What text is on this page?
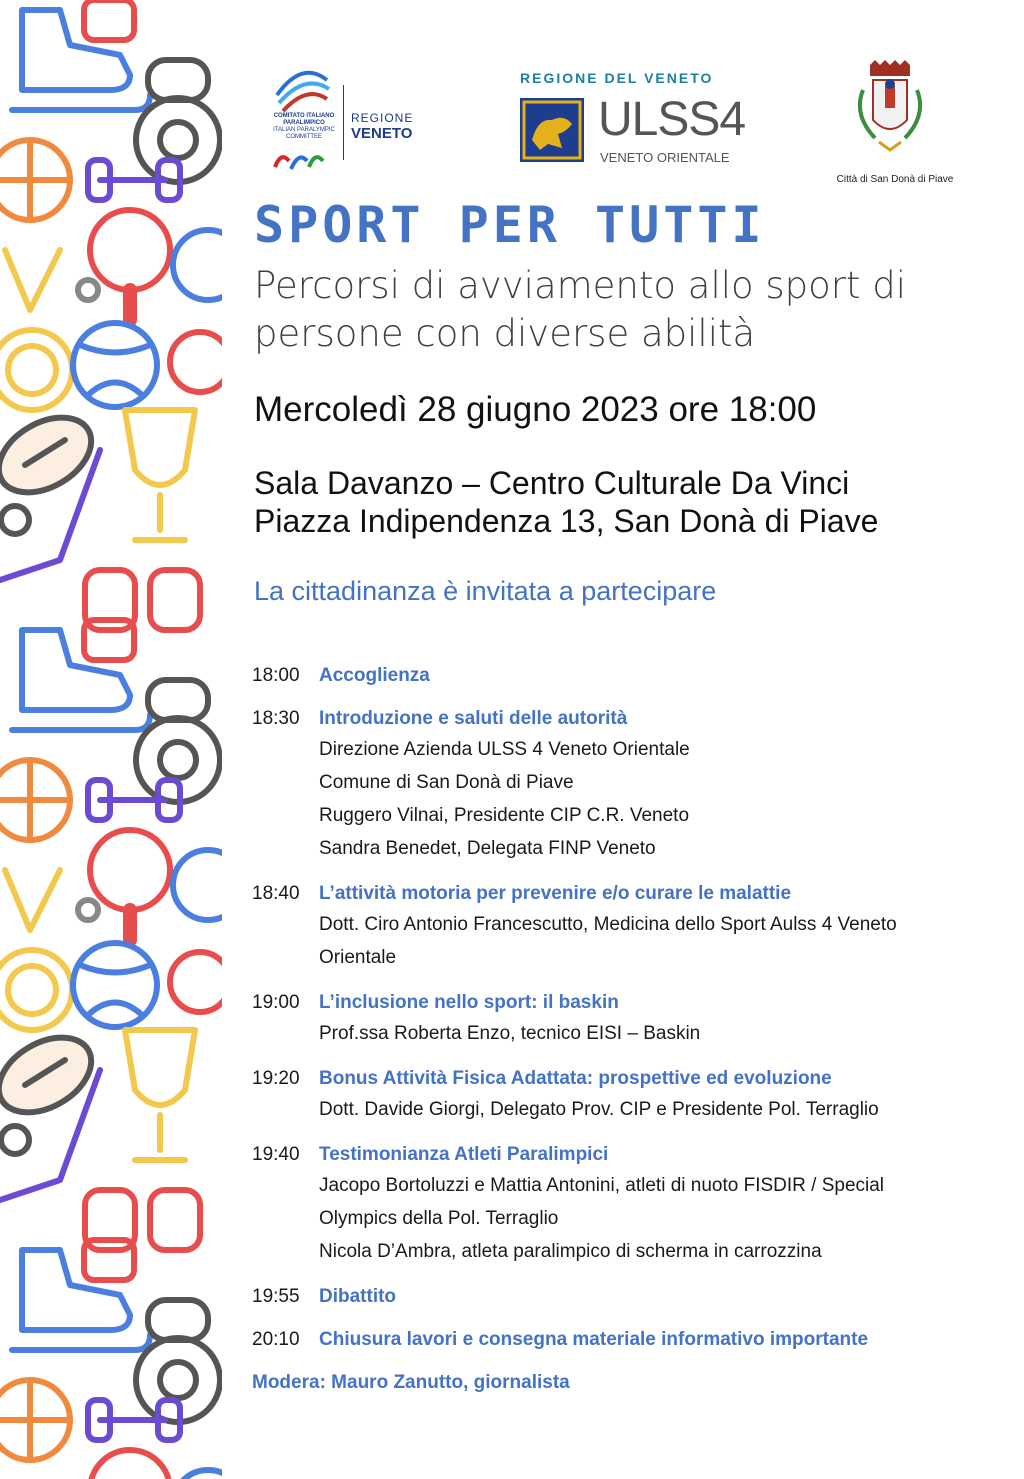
COMITATO ITALIANO
PARALIMPICO
ITALIAN PARALYMPIC
COMMITTEE
REGIONE
VENETO
REGIONE DEL VENETO
ULSS4
VENETO ORIENTALE
Città di San Donà di Piave
SPORT PER TUTTI

Percorsi di avviamento allo sport di persone con diverse abilità

Mercoledì 28 giugno 2023 ore 18:00

Sala Davanzo – Centro Culturale Da Vinci
Piazza Indipendenza 13, San Donà di Piave

La cittadinanza è invitata a partecipare

18:00	Accoglienza
18:30	Introduzione e saluti delle autorità
Direzione Azienda ULSS 4 Veneto Orientale
Comune di San Donà di Piave
Ruggero Vilnai, Presidente CIP C.R. Veneto
Sandra Benedet, Delegata FINP Veneto
18:40	L’attività motoria per prevenire e/o curare le malattie
Dott. Ciro Antonio Francescutto, Medicina dello Sport Aulss 4 Veneto
Orientale
19:00	L’inclusione nello sport: il baskin
Prof.ssa Roberta Enzo, tecnico EISI – Baskin
19:20	Bonus Attività Fisica Adattata: prospettive ed evoluzione
Dott. Davide Giorgi, Delegato Prov. CIP e Presidente Pol. Terraglio
19:40	Testimonianza Atleti Paralimpici
Jacopo Bortoluzzi e Mattia Antonini, atleti di nuoto FISDIR / Special
Olympics della Pol. Terraglio
Nicola D’Ambra, atleta paralimpico di scherma in carrozzina
19:55	Dibattito
20:10	Chiusura lavori e consegna materiale informativo importante
Modera: Mauro Zanutto, giornalista
